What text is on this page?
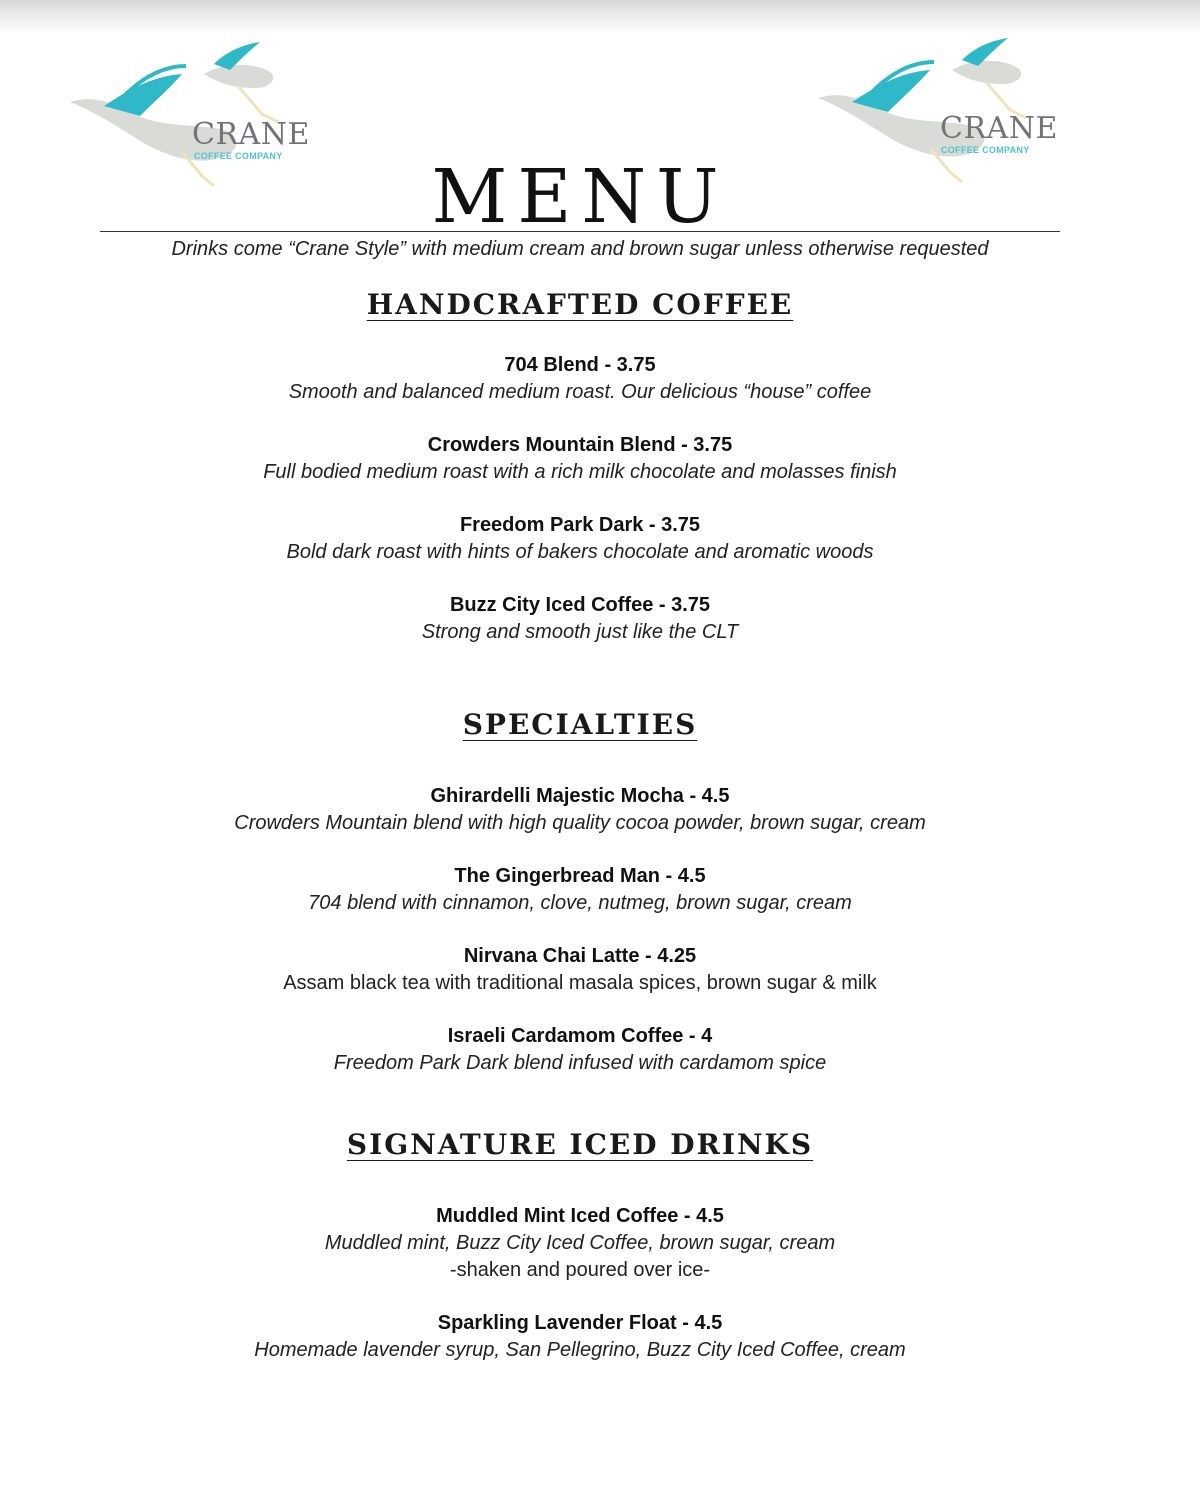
CRANE
COFFEE COMPANY
CRANE
COFFEE COMPANY
MENU
Drinks come “Crane Style” with medium cream and brown sugar unless otherwise requested
HANDCRAFTED COFFEE
704 Blend - 3.75
Smooth and balanced medium roast. Our delicious “house” coffee
Crowders Mountain Blend - 3.75
Full bodied medium roast with a rich milk chocolate and molasses finish
Freedom Park Dark - 3.75
Bold dark roast with hints of bakers chocolate and aromatic woods
Buzz City Iced Coffee - 3.75
Strong and smooth just like the CLT
SPECIALTIES
Ghirardelli Majestic Mocha - 4.5
Crowders Mountain blend with high quality cocoa powder, brown sugar, cream
The Gingerbread Man - 4.5
704 blend with cinnamon, clove, nutmeg, brown sugar, cream
Nirvana Chai Latte - 4.25
Assam black tea with traditional masala spices, brown sugar & milk
Israeli Cardamom Coffee - 4
Freedom Park Dark blend infused with cardamom spice
SIGNATURE ICED DRINKS
Muddled Mint Iced Coffee - 4.5
Muddled mint, Buzz City Iced Coffee, brown sugar, cream
-shaken and poured over ice-
Sparkling Lavender Float - 4.5
Homemade lavender syrup, San Pellegrino, Buzz City Iced Coffee, cream
